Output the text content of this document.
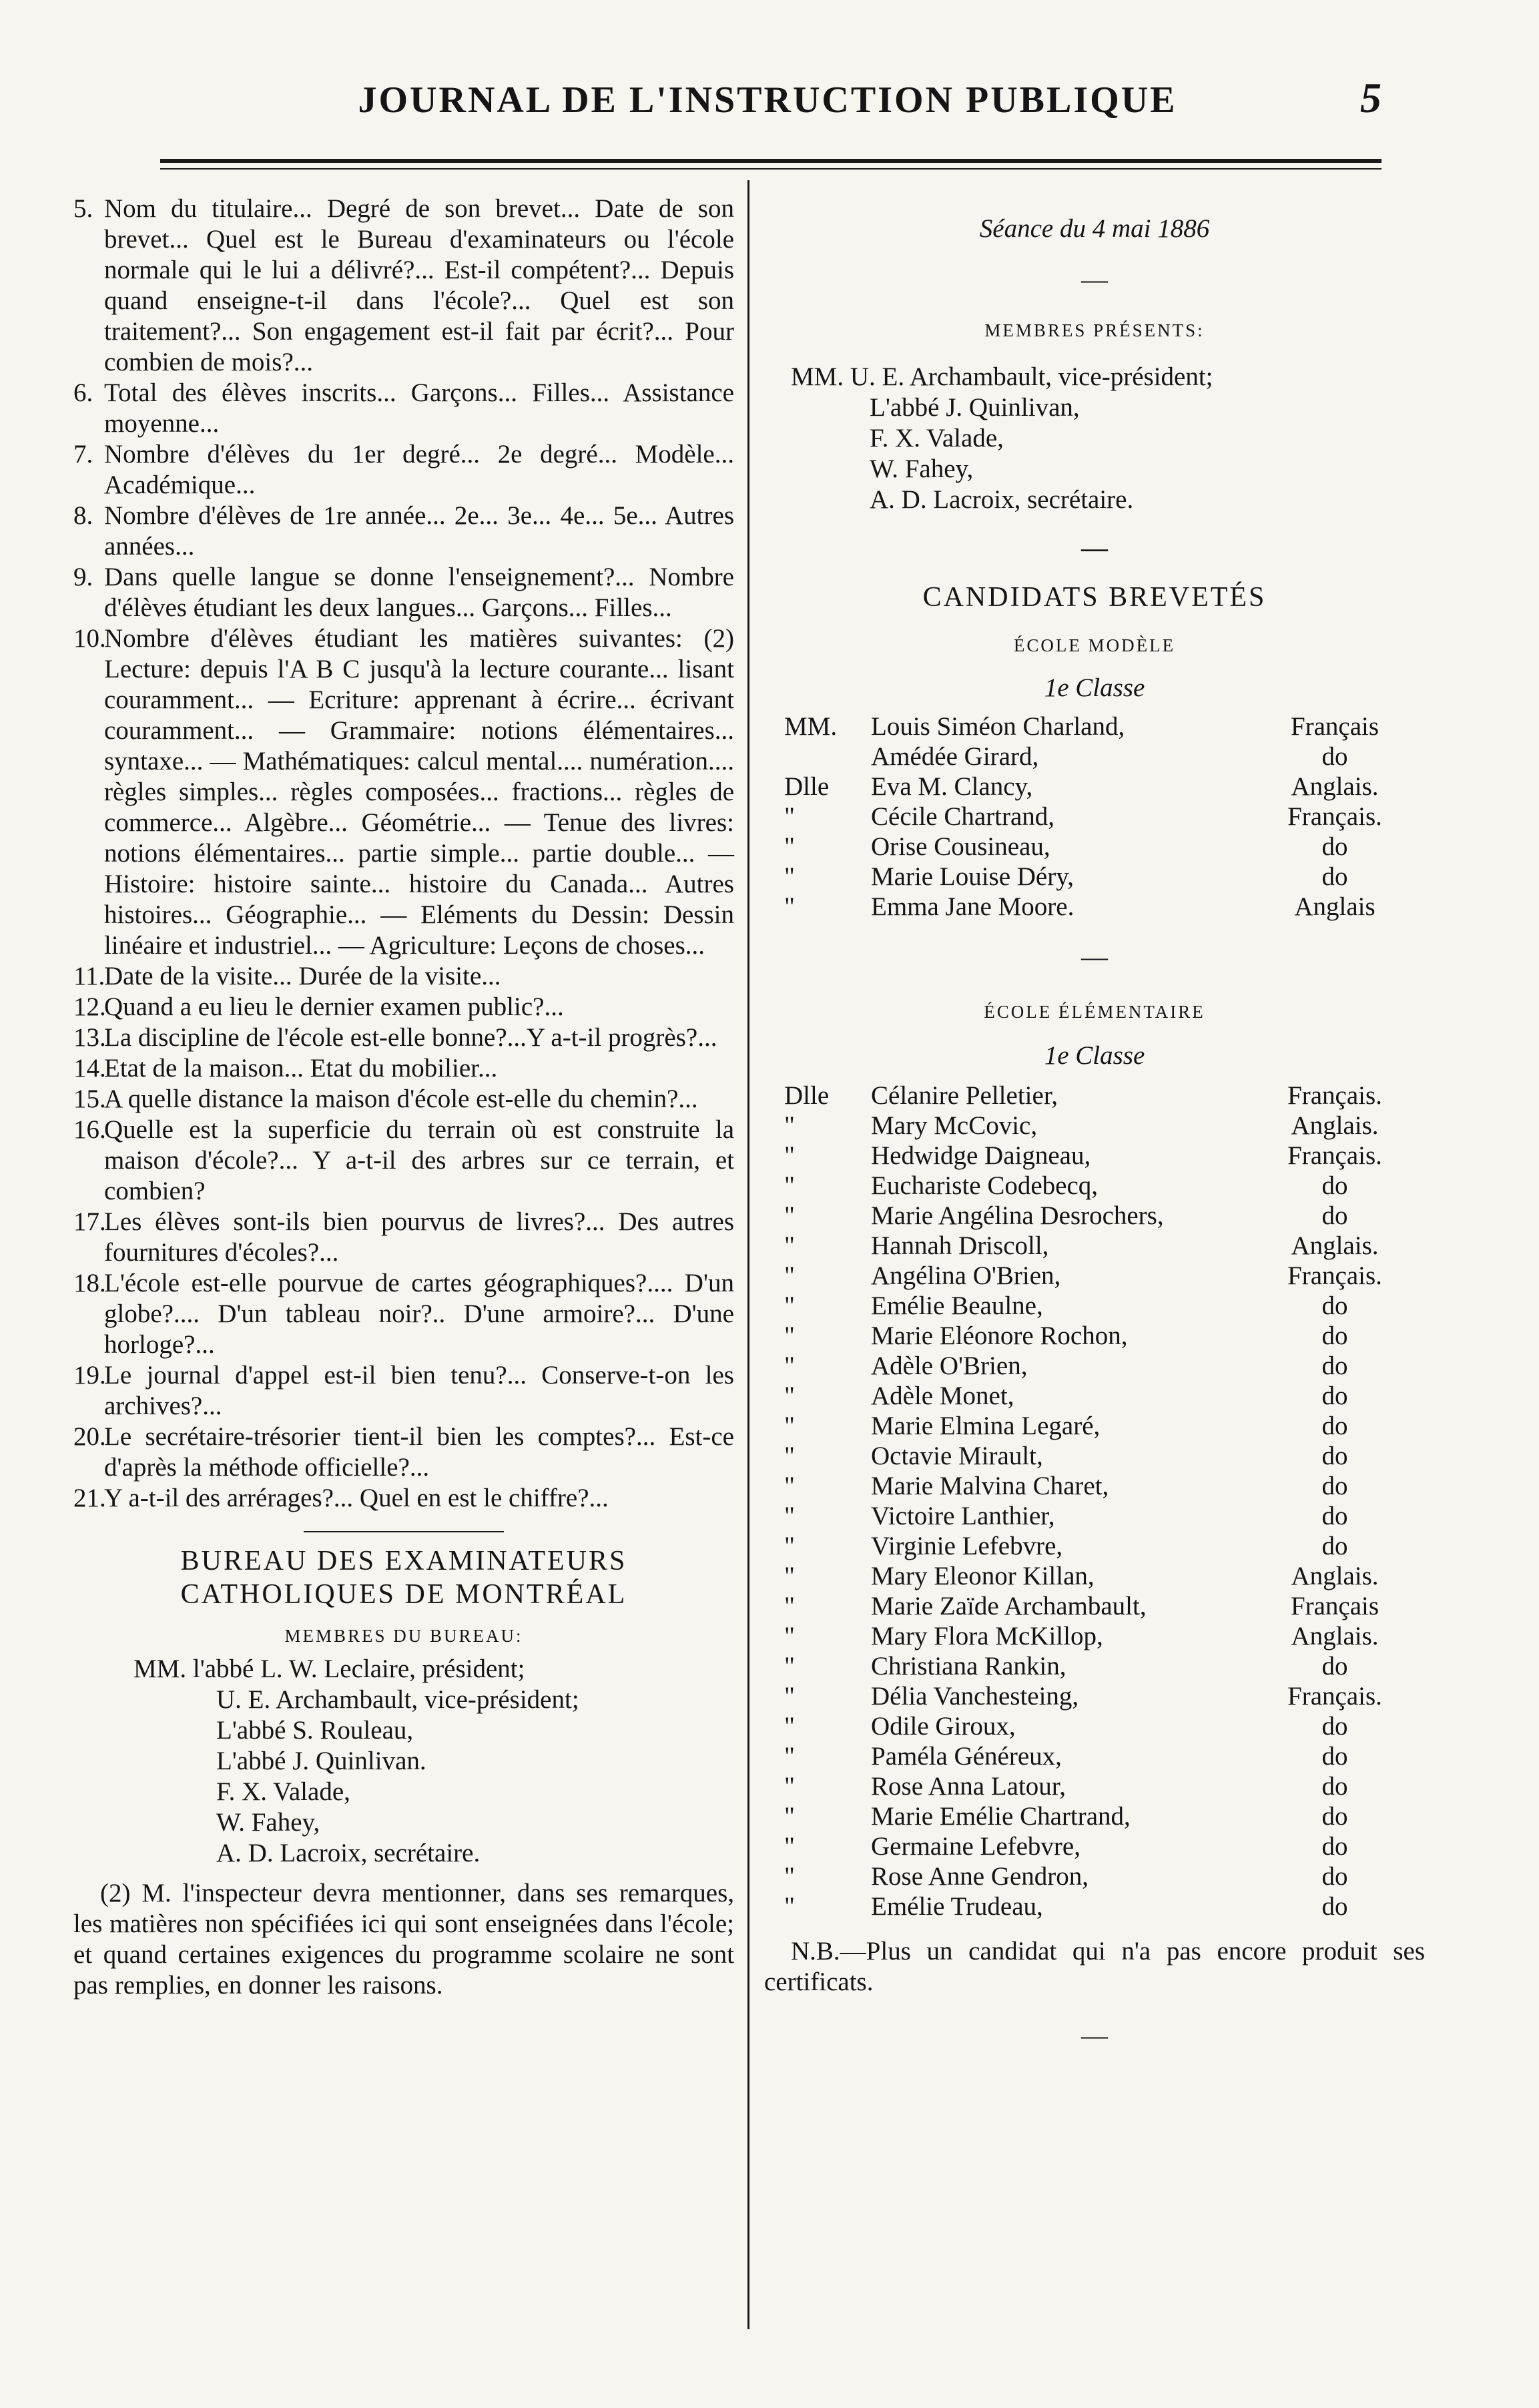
JOURNAL DE L'INSTRUCTION PUBLIQUE	5
5. Nom du titulaire... Degré de son brevet... Date de son brevet... Quel est le Bureau d'examinateurs ou l'école normale qui le lui a délivré?... Est-il compétent?... Depuis quand enseigne-t-il dans l'école?... Quel est son traitement?... Son engagement est-il fait par écrit?... Pour combien de mois?...
6. Total des élèves inscrits... Garçons... Filles... Assistance moyenne...
7. Nombre d'élèves du 1er degré... 2e degré... Modèle... Académique...
8. Nombre d'élèves de 1re année... 2e... 3e... 4e... 5e... Autres années...
9. Dans quelle langue se donne l'enseignement?... Nombre d'élèves étudiant les deux langues... Garçons... Filles...
10.
Nombre d'élèves étudiant les matières suivantes: (2) Lecture: depuis l'A B C jusqu'à la lecture courante... lisant couramment... — Ecriture: apprenant à écrire... écrivant couramment... — Grammaire: notions élémentaires... syntaxe... — Mathématiques: calcul mental.... numération.... règles simples... règles composées... fractions... règles de commerce... Algèbre... Géométrie... — Tenue des livres: notions élémentaires... partie simple... partie double... — Histoire: histoire sainte... histoire du Canada... Autres histoires... Géographie... — Eléments du Dessin: Dessin linéaire et industriel... — Agriculture: Leçons de choses...
11.
Date de la visite... Durée de la visite...
12.
Quand a eu lieu le dernier examen public?...
13.
La discipline de l'école est-elle bonne?...Y a-t-il progrès?...
14.
Etat de la maison... Etat du mobilier...
15.
A quelle distance la maison d'école est-elle du chemin?...
16.
Quelle est la superficie du terrain où est construite la maison d'école?... Y a-t-il des arbres sur ce terrain, et combien?
17.
Les élèves sont-ils bien pourvus de livres?... Des autres fournitures d'écoles?...
18.
L'école est-elle pourvue de cartes géographiques?.... D'un globe?.... D'un tableau noir?.. D'une armoire?... D'une horloge?...
19.
Le journal d'appel est-il bien tenu?... Conserve-t-on les archives?...
20.
Le secrétaire-trésorier tient-il bien les comptes?... Est-ce d'après la méthode officielle?...
21.
Y a-t-il des arrérages?... Quel en est le chiffre?...
BUREAU DES EXAMINATEURS CATHOLIQUES DE MONTRÉAL
MEMBRES DU BUREAU:
MM. l'abbé L. W. Leclaire, président;
U. E. Archambault, vice-président;
L'abbé S. Rouleau,
L'abbé J. Quinlivan.
F. X. Valade,
W. Fahey,
A. D. Lacroix, secrétaire.
(2) M. l'inspecteur devra mentionner, dans ses remarques, les matières non spécifiées ici qui sont enseignées dans l'école; et quand certaines exigences du programme scolaire ne sont pas remplies, en donner les raisons.
Séance du 4 mai 1886
—
MEMBRES PRÉSENTS:
MM. U. E. Archambault, vice-président;
L'abbé J. Quinlivan,
F. X. Valade,
W. Fahey,
A. D. Lacroix, secrétaire.
—
CANDIDATS BREVETÉS
ÉCOLE MODÈLE
1e Classe
MM.	Louis Siméon Charland,	Français
	Amédée Girard,	do
Dlle	Eva M. Clancy,	Anglais.
"	Cécile Chartrand,	Français.
"	Orise Cousineau,	do
"	Marie Louise Déry,	do
"	Emma Jane Moore.	Anglais
—
ÉCOLE ÉLÉMENTAIRE
1e Classe
Dlle	Célanire Pelletier,	Français.
"	Mary McCovic,	Anglais.
"	Hedwidge Daigneau,	Français.
"	Euchariste Codebecq,	do
"	Marie Angélina Desrochers,	do
"	Hannah Driscoll,	Anglais.
"	Angélina O'Brien,	Français.
"	Emélie Beaulne,	do
"	Marie Eléonore Rochon,	do
"	Adèle O'Brien,	do
"	Adèle Monet,	do
"	Marie Elmina Legaré,	do
"	Octavie Mirault,	do
"	Marie Malvina Charet,	do
"	Victoire Lanthier,	do
"	Virginie Lefebvre,	do
"	Mary Eleonor Killan,	Anglais.
"	Marie Zaïde Archambault,	Français
"	Mary Flora McKillop,	Anglais.
"	Christiana Rankin,	do
"	Délia Vanchesteing,	Français.
"	Odile Giroux,	do
"	Paméla Généreux,	do
"	Rose Anna Latour,	do
"	Marie Emélie Chartrand,	do
"	Germaine Lefebvre,	do
"	Rose Anne Gendron,	do
"	Emélie Trudeau,	do
N.B.—Plus un candidat qui n'a pas encore produit ses certificats.
—
